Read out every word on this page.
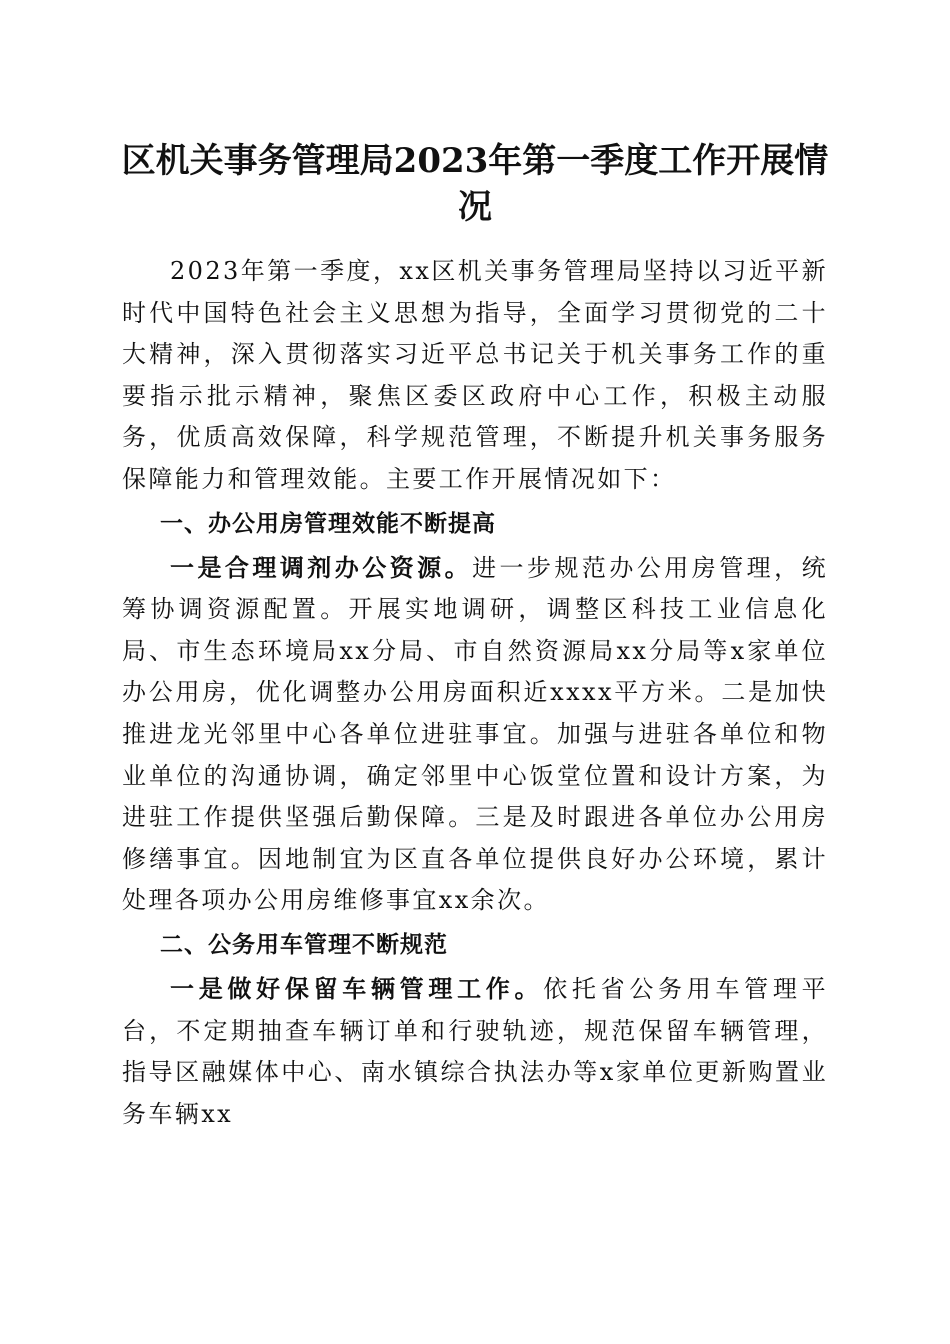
区机关事务管理局2023年第一季度工作开展情况

2023年第一季度，xx区机关事务管理局坚持以习近平新时代中国特色社会主义思想为指导，全面学习贯彻党的二十大精神，深入贯彻落实习近平总书记关于机关事务工作的重要指示批示精神，聚焦区委区政府中心工作，积极主动服务，优质高效保障，科学规范管理，不断提升机关事务服务保障能力和管理效能。主要工作开展情况如下：

一、办公用房管理效能不断提高

一是合理调剂办公资源。进一步规范办公用房管理，统筹协调资源配置。开展实地调研，调整区科技工业信息化局、市生态环境局xx分局、市自然资源局xx分局等x家单位办公用房，优化调整办公用房面积近xxxx平方米。二是加快推进龙光邻里中心各单位进驻事宜。加强与进驻各单位和物业单位的沟通协调，确定邻里中心饭堂位置和设计方案，为进驻工作提供坚强后勤保障。三是及时跟进各单位办公用房修缮事宜。因地制宜为区直各单位提供良好办公环境，累计处理各项办公用房维修事宜xx余次。

二、公务用车管理不断规范

一是做好保留车辆管理工作。依托省公务用车管理平台，不定期抽查车辆订单和行驶轨迹，规范保留车辆管理，指导区融媒体中心、南水镇综合执法办等x家单位更新购置业务车辆xx
